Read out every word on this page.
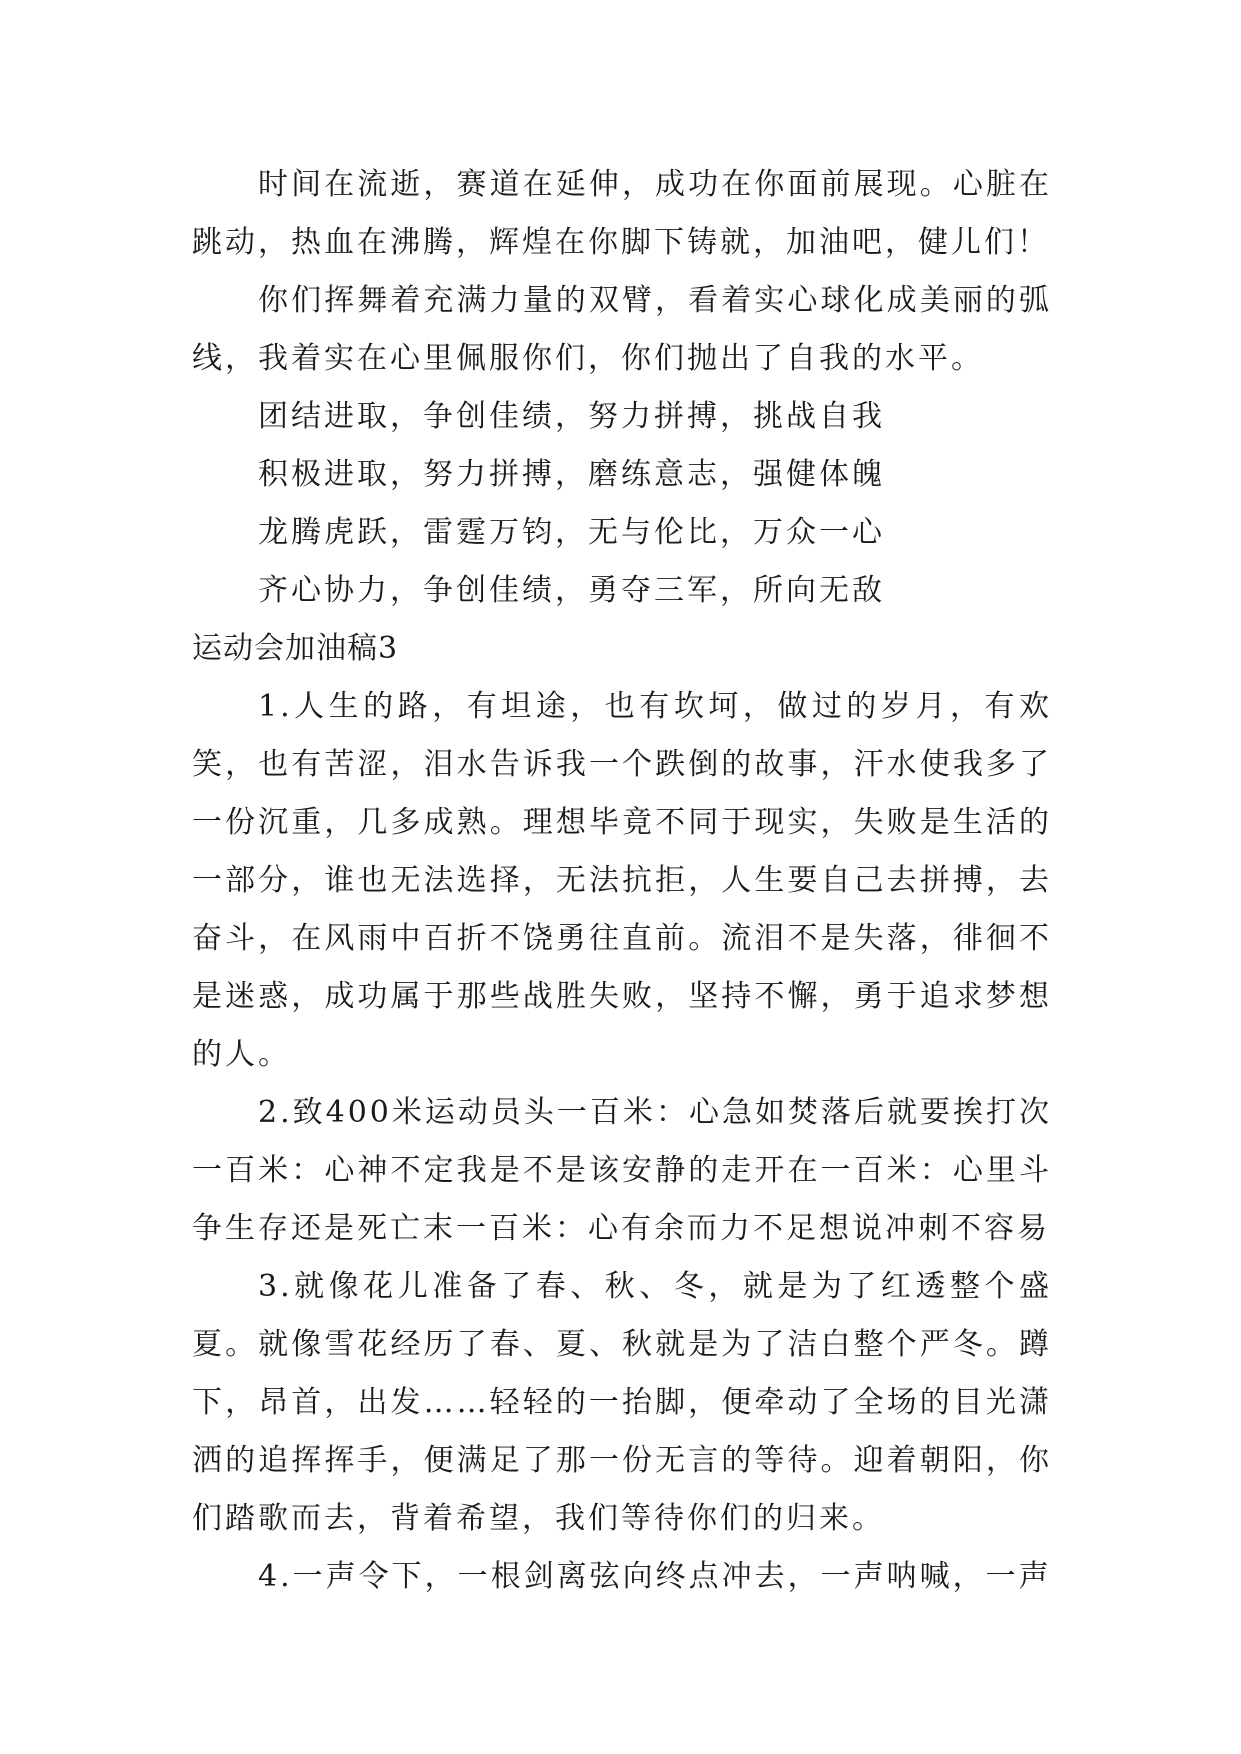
时间在流逝，赛道在延伸，成功在你面前展现。心脏在跳动，热血在沸腾，辉煌在你脚下铸就，加油吧，健儿们！

你们挥舞着充满力量的双臂，看着实心球化成美丽的弧线，我着实在心里佩服你们，你们抛出了自我的水平。

团结进取，争创佳绩，努力拼搏，挑战自我

积极进取，努力拼搏，磨练意志，强健体魄

龙腾虎跃，雷霆万钧，无与伦比，万众一心

齐心协力，争创佳绩，勇夺三军，所向无敌

运动会加油稿3

1.人生的路，有坦途，也有坎坷，做过的岁月，有欢笑，也有苦涩，泪水告诉我一个跌倒的故事，汗水使我多了一份沉重，几多成熟。理想毕竟不同于现实，失败是生活的一部分，谁也无法选择，无法抗拒，人生要自己去拼搏，去奋斗，在风雨中百折不饶勇往直前。流泪不是失落，徘徊不是迷惑，成功属于那些战胜失败，坚持不懈，勇于追求梦想的人。

2.致400米运动员头一百米：心急如焚落后就要挨打次一百米：心神不定我是不是该安静的走开在一百米：心里斗争生存还是死亡末一百米：心有余而力不足想说冲刺不容易

3.就像花儿准备了春、秋、冬，就是为了红透整个盛夏。就像雪花经历了春、夏、秋就是为了洁白整个严冬。蹲下，昂首，出发……轻轻的一抬脚，便牵动了全场的目光潇洒的追挥挥手，便满足了那一份无言的等待。迎着朝阳，你们踏歌而去，背着希望，我们等待你们的归来。

4.一声令下，一根剑离弦向终点冲去，一声呐喊，一声
